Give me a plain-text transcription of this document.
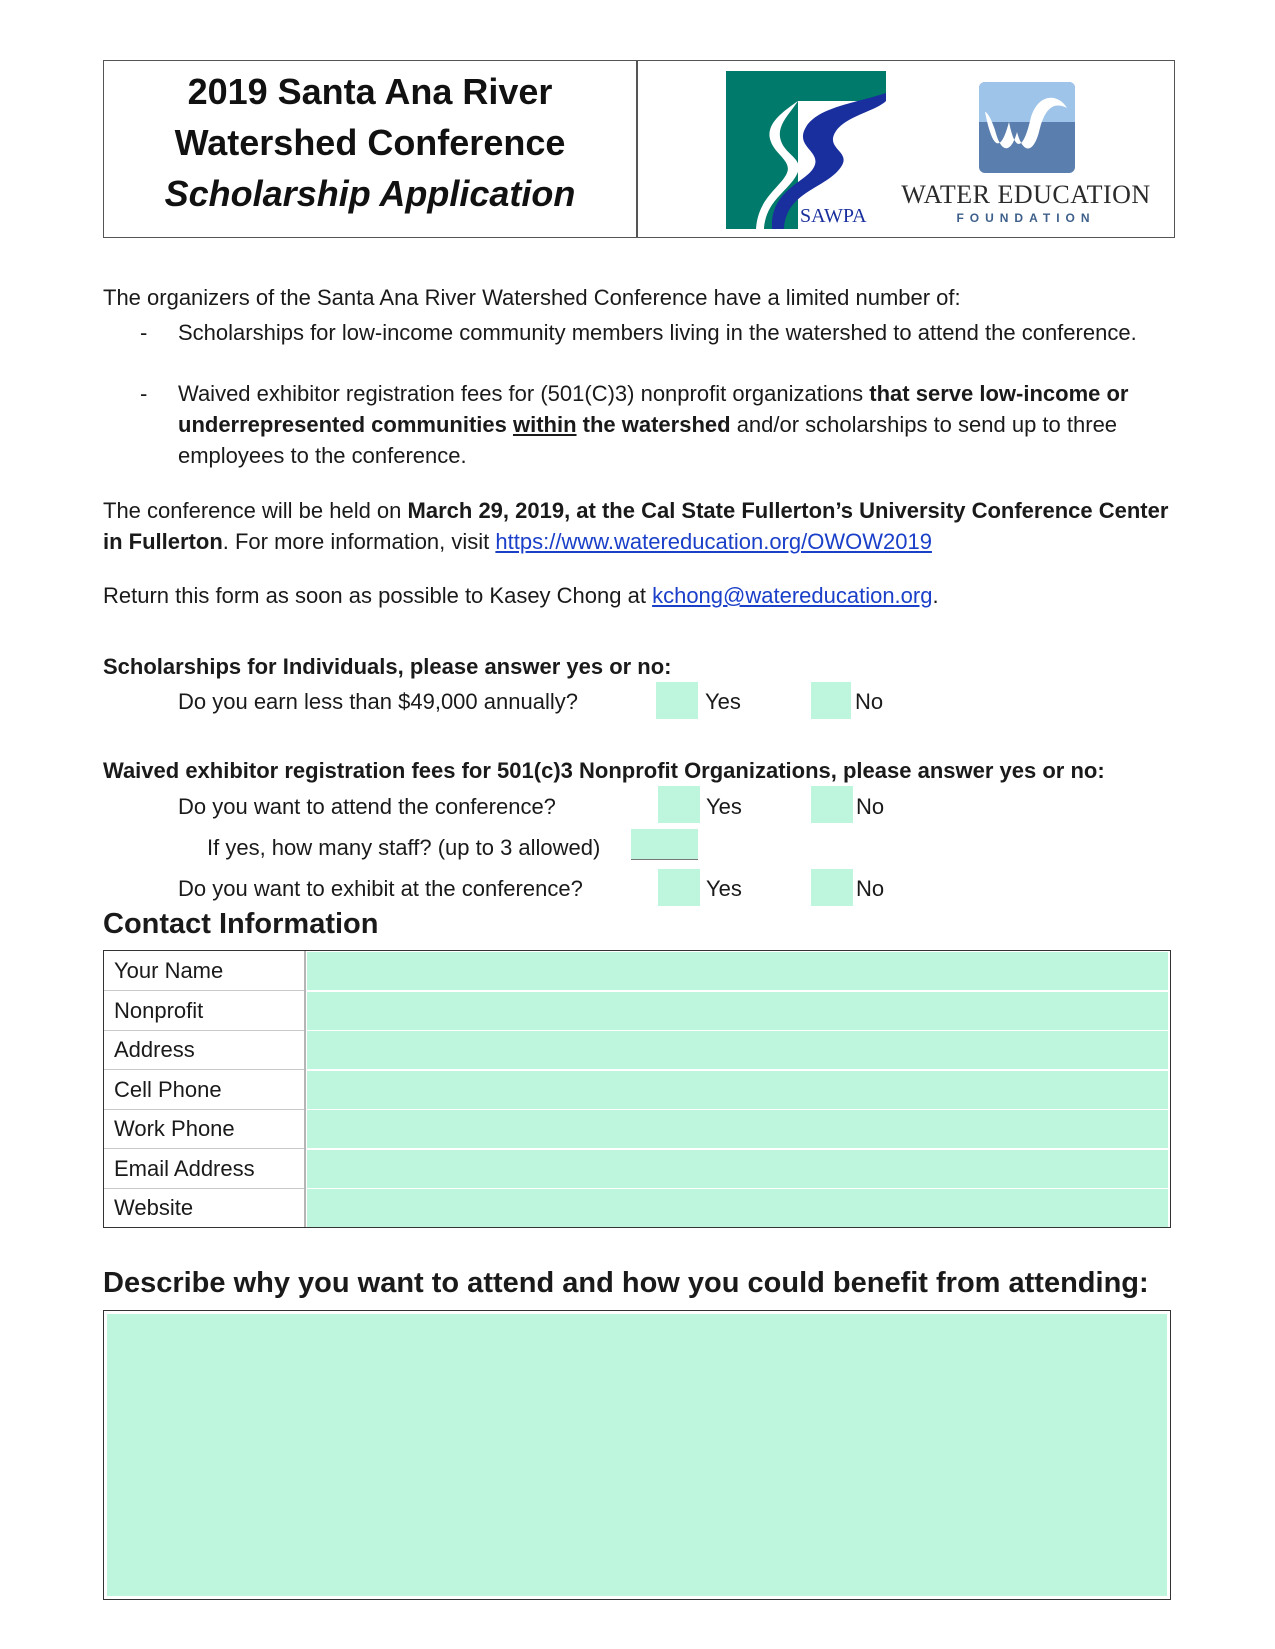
2019 Santa Ana River
Watershed Conference
Scholarship Application
SAWPA
WATER EDUCATION
FOUNDATION
The organizers of the Santa Ana River Watershed Conference have a limited number of:
- Scholarships for low-income community members living in the watershed to attend the conference.
- Waived exhibitor registration fees for (501(C)3) nonprofit organizations that serve low-income or underrepresented communities within the watershed and/or scholarships to send up to three employees to the conference.
The conference will be held on March 29, 2019, at the Cal State Fullerton’s University Conference Center in Fullerton. For more information, visit https://www.watereducation.org/OWOW2019
Return this form as soon as possible to Kasey Chong at kchong@watereducation.org.
Scholarships for Individuals, please answer yes or no:
Do you earn less than $49,000 annually?	Yes	No
Waived exhibitor registration fees for 501(c)3 Nonprofit Organizations, please answer yes or no:
Do you want to attend the conference?	Yes	No
If yes, how many staff? (up to 3 allowed)
Do you want to exhibit at the conference?	Yes	No
Contact Information
Your Name
Nonprofit
Address
Cell Phone
Work Phone
Email Address
Website
Describe why you want to attend and how you could benefit from attending:
